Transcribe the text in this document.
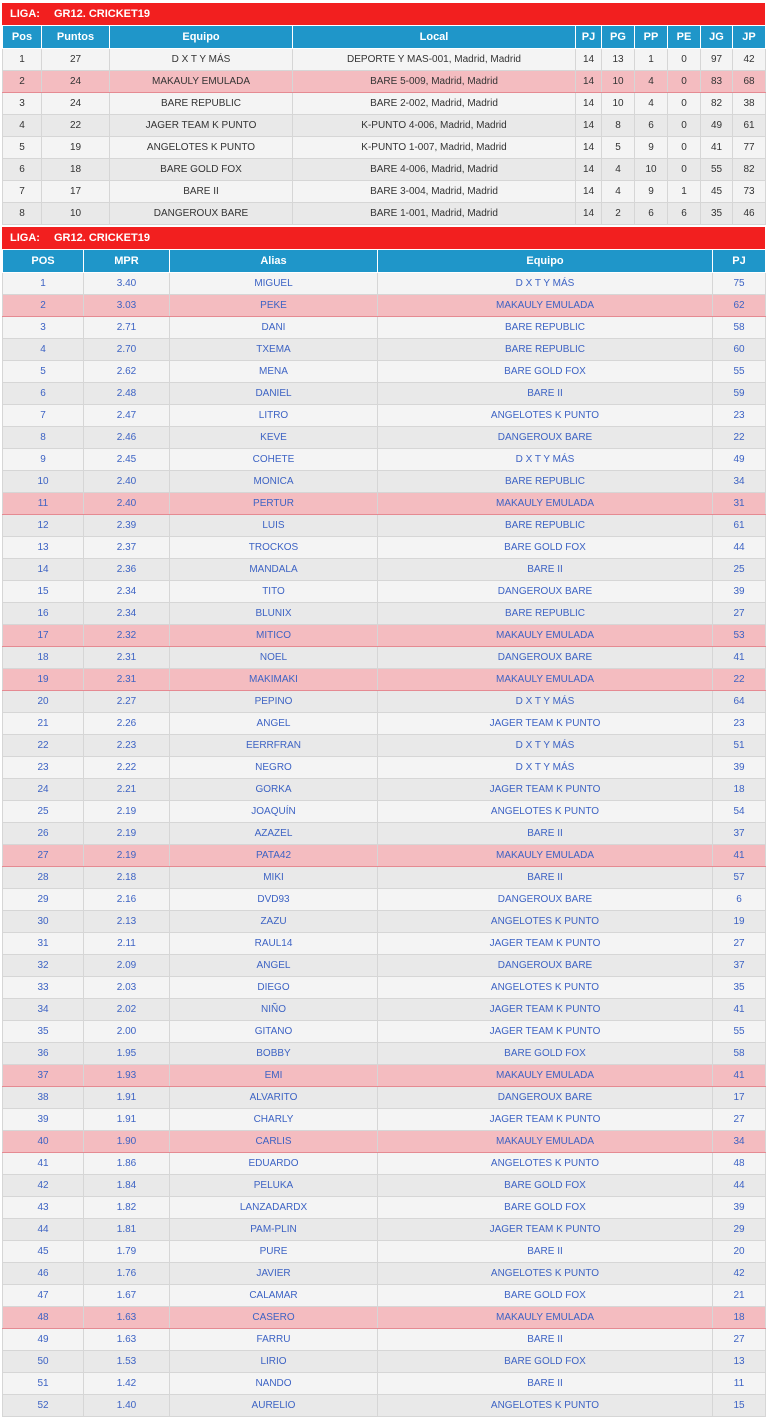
LIGA:	GR12. CRICKET19
Pos	Puntos	Equipo	Local	PJ	PG	PP	PE	JG	JP
1	27	D X T Y MÁS	DEPORTE Y MAS-001, Madrid, Madrid	14	13	1	0	97	42
2	24	MAKAULY EMULADA	BARE 5-009, Madrid, Madrid	14	10	4	0	83	68
3	24	BARE REPUBLIC	BARE 2-002, Madrid, Madrid	14	10	4	0	82	38
4	22	JAGER TEAM K PUNTO	K-PUNTO 4-006, Madrid, Madrid	14	8	6	0	49	61
5	19	ANGELOTES K PUNTO	K-PUNTO 1-007, Madrid, Madrid	14	5	9	0	41	77
6	18	BARE GOLD FOX	BARE 4-006, Madrid, Madrid	14	4	10	0	55	82
7	17	BARE II	BARE 3-004, Madrid, Madrid	14	4	9	1	45	73
8	10	DANGEROUX BARE	BARE 1-001, Madrid, Madrid	14	2	6	6	35	46
LIGA:	GR12. CRICKET19
POS	MPR	Alias	Equipo	PJ
1	3.40	MIGUEL	D X T Y MÁS	75
2	3.03	PEKE	MAKAULY EMULADA	62
3	2.71	DANI	BARE REPUBLIC	58
4	2.70	TXEMA	BARE REPUBLIC	60
5	2.62	MENA	BARE GOLD FOX	55
6	2.48	DANIEL	BARE II	59
7	2.47	LITRO	ANGELOTES K PUNTO	23
8	2.46	KEVE	DANGEROUX BARE	22
9	2.45	COHETE	D X T Y MÁS	49
10	2.40	MONICA	BARE REPUBLIC	34
11	2.40	PERTUR	MAKAULY EMULADA	31
12	2.39	LUIS	BARE REPUBLIC	61
13	2.37	TROCKOS	BARE GOLD FOX	44
14	2.36	MANDALA	BARE II	25
15	2.34	TITO	DANGEROUX BARE	39
16	2.34	BLUNIX	BARE REPUBLIC	27
17	2.32	MITICO	MAKAULY EMULADA	53
18	2.31	NOEL	DANGEROUX BARE	41
19	2.31	MAKIMAKI	MAKAULY EMULADA	22
20	2.27	PEPINO	D X T Y MÁS	64
21	2.26	ANGEL	JAGER TEAM K PUNTO	23
22	2.23	EERRFRAN	D X T Y MÁS	51
23	2.22	NEGRO	D X T Y MÁS	39
24	2.21	GORKA	JAGER TEAM K PUNTO	18
25	2.19	JOAQUÍN	ANGELOTES K PUNTO	54
26	2.19	AZAZEL	BARE II	37
27	2.19	PATA42	MAKAULY EMULADA	41
28	2.18	MIKI	BARE II	57
29	2.16	DVD93	DANGEROUX BARE	6
30	2.13	ZAZU	ANGELOTES K PUNTO	19
31	2.11	RAUL14	JAGER TEAM K PUNTO	27
32	2.09	ANGEL	DANGEROUX BARE	37
33	2.03	DIEGO	ANGELOTES K PUNTO	35
34	2.02	NIÑO	JAGER TEAM K PUNTO	41
35	2.00	GITANO	JAGER TEAM K PUNTO	55
36	1.95	BOBBY	BARE GOLD FOX	58
37	1.93	EMI	MAKAULY EMULADA	41
38	1.91	ALVARITO	DANGEROUX BARE	17
39	1.91	CHARLY	JAGER TEAM K PUNTO	27
40	1.90	CARLIS	MAKAULY EMULADA	34
41	1.86	EDUARDO	ANGELOTES K PUNTO	48
42	1.84	PELUKA	BARE GOLD FOX	44
43	1.82	LANZADARDX	BARE GOLD FOX	39
44	1.81	PAM-PLIN	JAGER TEAM K PUNTO	29
45	1.79	PURE	BARE II	20
46	1.76	JAVIER	ANGELOTES K PUNTO	42
47	1.67	CALAMAR	BARE GOLD FOX	21
48	1.63	CASERO	MAKAULY EMULADA	18
49	1.63	FARRU	BARE II	27
50	1.53	LIRIO	BARE GOLD FOX	13
51	1.42	NANDO	BARE II	11
52	1.40	AURELIO	ANGELOTES K PUNTO	15
